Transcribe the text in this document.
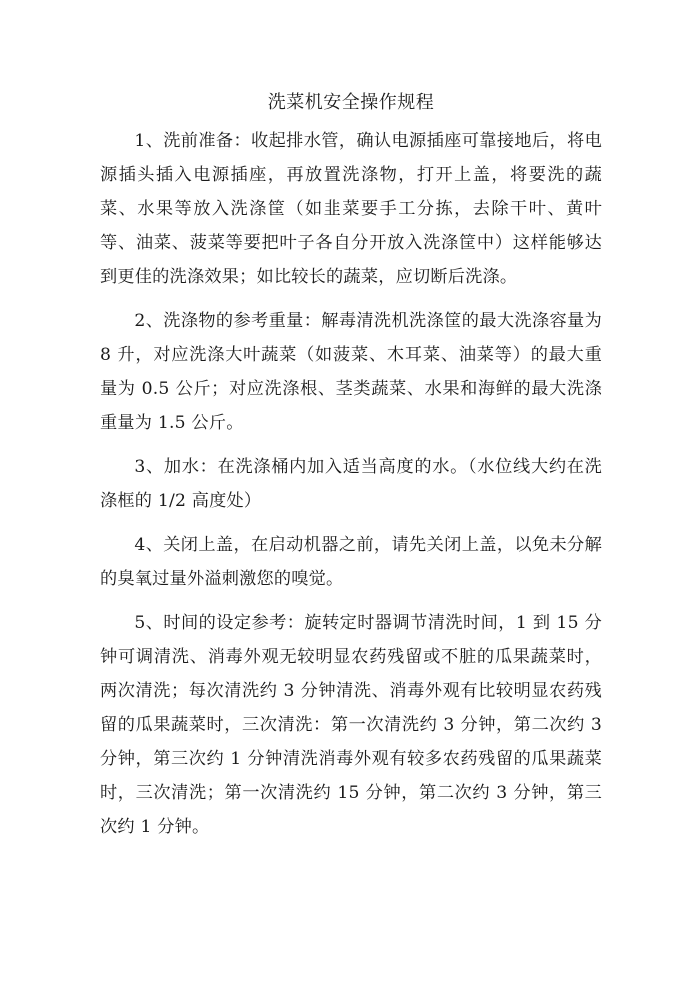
洗菜机安全操作规程

1、洗前准备：收起排水管，确认电源插座可靠接地后，将电源插头插入电源插座，再放置洗涤物，打开上盖，将要洗的蔬菜、水果等放入洗涤筐（如韭菜要手工分拣，去除干叶、黄叶等、油菜、菠菜等要把叶子各自分开放入洗涤筐中）这样能够达到更佳的洗涤效果；如比较长的蔬菜，应切断后洗涤。

2、洗涤物的参考重量：解毒清洗机洗涤筐的最大洗涤容量为 8 升，对应洗涤大叶蔬菜（如菠菜、木耳菜、油菜等）的最大重量为 0.5 公斤；对应洗涤根、茎类蔬菜、水果和海鲜的最大洗涤重量为 1.5 公斤。

3、加水：在洗涤桶内加入适当高度的水。（水位线大约在洗涤框的 1/2 高度处）

4、关闭上盖，在启动机器之前，请先关闭上盖，以免未分解的臭氧过量外溢刺激您的嗅觉。

5、时间的设定参考：旋转定时器调节清洗时间，1 到 15 分钟可调清洗、消毒外观无较明显农药残留或不脏的瓜果蔬菜时，两次清洗；每次清洗约 3 分钟清洗、消毒外观有比较明显农药残留的瓜果蔬菜时，三次清洗：第一次清洗约 3 分钟，第二次约 3 分钟，第三次约 1 分钟清洗消毒外观有较多农药残留的瓜果蔬菜时，三次清洗；第一次清洗约 15 分钟，第二次约 3 分钟，第三次约 1 分钟。
